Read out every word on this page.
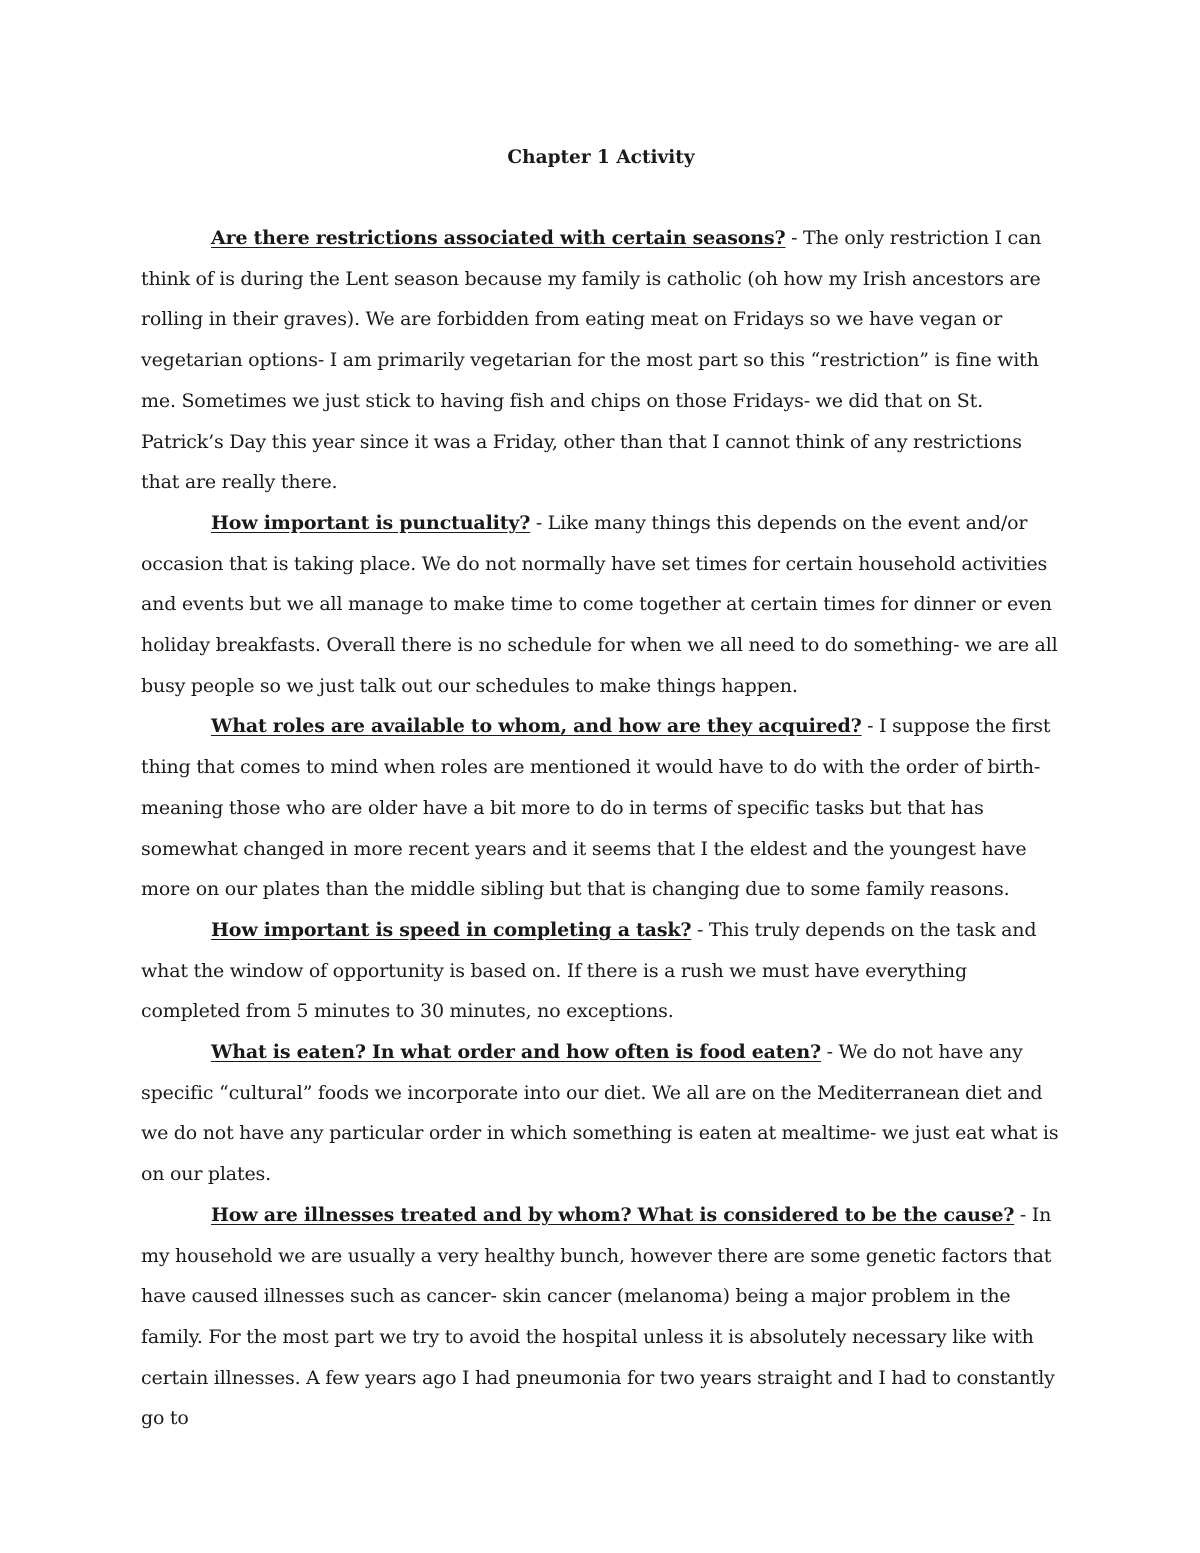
Chapter 1 Activity

Are there restrictions associated with certain seasons? - The only restriction I can think of is during the Lent season because my family is catholic (oh how my Irish ancestors are rolling in their graves). We are forbidden from eating meat on Fridays so we have vegan or vegetarian options- I am primarily vegetarian for the most part so this “restriction” is fine with me. Sometimes we just stick to having fish and chips on those Fridays- we did that on St. Patrick’s Day this year since it was a Friday, other than that I cannot think of any restrictions that are really there.

How important is punctuality? - Like many things this depends on the event and/or occasion that is taking place. We do not normally have set times for certain household activities and events but we all manage to make time to come together at certain times for dinner or even holiday breakfasts. Overall there is no schedule for when we all need to do something- we are all busy people so we just talk out our schedules to make things happen.

What roles are available to whom, and how are they acquired? - I suppose the first thing that comes to mind when roles are mentioned it would have to do with the order of birth- meaning those who are older have a bit more to do in terms of specific tasks but that has somewhat changed in more recent years and it seems that I the eldest and the youngest have more on our plates than the middle sibling but that is changing due to some family reasons.

How important is speed in completing a task? - This truly depends on the task and what the window of opportunity is based on. If there is a rush we must have everything completed from 5 minutes to 30 minutes, no exceptions.

What is eaten? In what order and how often is food eaten? - We do not have any specific “cultural” foods we incorporate into our diet. We all are on the Mediterranean diet and we do not have any particular order in which something is eaten at mealtime- we just eat what is on our plates.

How are illnesses treated and by whom? What is considered to be the cause? - In my household we are usually a very healthy bunch, however there are some genetic factors that have caused illnesses such as cancer- skin cancer (melanoma) being a major problem in the family. For the most part we try to avoid the hospital unless it is absolutely necessary like with certain illnesses. A few years ago I had pneumonia for two years straight and I had to constantly go to
